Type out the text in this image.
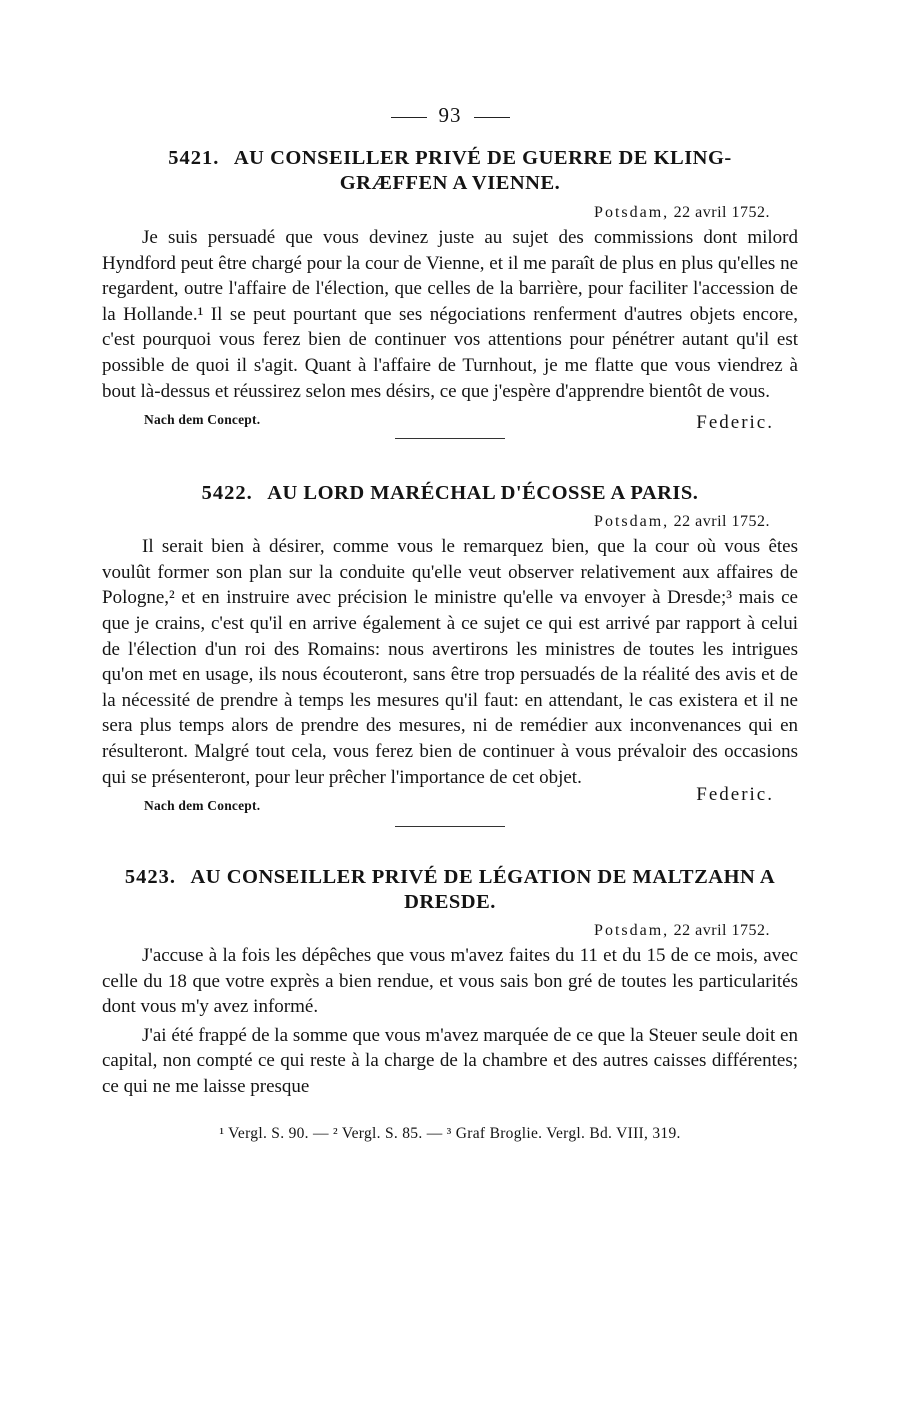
93
5421. AU CONSEILLER PRIVÉ DE GUERRE DE KLING-GRÆFFEN A VIENNE.
Potsdam, 22 avril 1752.

Je suis persuadé que vous devinez juste au sujet des commissions dont milord Hyndford peut être chargé pour la cour de Vienne, et il me paraît de plus en plus qu'elles ne regardent, outre l'affaire de l'élection, que celles de la barrière, pour faciliter l'accession de la Hollande.¹ Il se peut pourtant que ses négociations renferment d'autres objets encore, c'est pourquoi vous ferez bien de continuer vos attentions pour pénétrer autant qu'il est possible de quoi il s'agit. Quant à l'affaire de Turnhout, je me flatte que vous viendrez à bout là-dessus et réussirez selon mes désirs, ce que j'espère d'apprendre bientôt de vous.

Nach dem Concept.	Federic.
5422. AU LORD MARÉCHAL D'ÉCOSSE A PARIS.
Potsdam, 22 avril 1752.

Il serait bien à désirer, comme vous le remarquez bien, que la cour où vous êtes voulût former son plan sur la conduite qu'elle veut observer relativement aux affaires de Pologne,² et en instruire avec précision le ministre qu'elle va envoyer à Dresde;³ mais ce que je crains, c'est qu'il en arrive également à ce sujet ce qui est arrivé par rapport à celui de l'élection d'un roi des Romains: nous avertirons les ministres de toutes les intrigues qu'on met en usage, ils nous écouteront, sans être trop persuadés de la réalité des avis et de la nécessité de prendre à temps les mesures qu'il faut: en attendant, le cas existera et il ne sera plus temps alors de prendre des mesures, ni de remédier aux inconvenances qui en résulteront. Malgré tout cela, vous ferez bien de continuer à vous prévaloir des occasions qui se présenteront, pour leur prêcher l'importance de cet objet.

Nach dem Concept.
Federic.
5423. AU CONSEILLER PRIVÉ DE LÉGATION DE MALTZAHN A DRESDE.
Potsdam, 22 avril 1752.

J'accuse à la fois les dépêches que vous m'avez faites du 11 et du 15 de ce mois, avec celle du 18 que votre exprès a bien rendue, et vous sais bon gré de toutes les particularités dont vous m'y avez informé.

J'ai été frappé de la somme que vous m'avez marquée de ce que la Steuer seule doit en capital, non compté ce qui reste à la charge de la chambre et des autres caisses différentes; ce qui ne me laisse presque

¹ Vergl. S. 90. — ² Vergl. S. 85. — ³ Graf Broglie. Vergl. Bd. VIII, 319.
